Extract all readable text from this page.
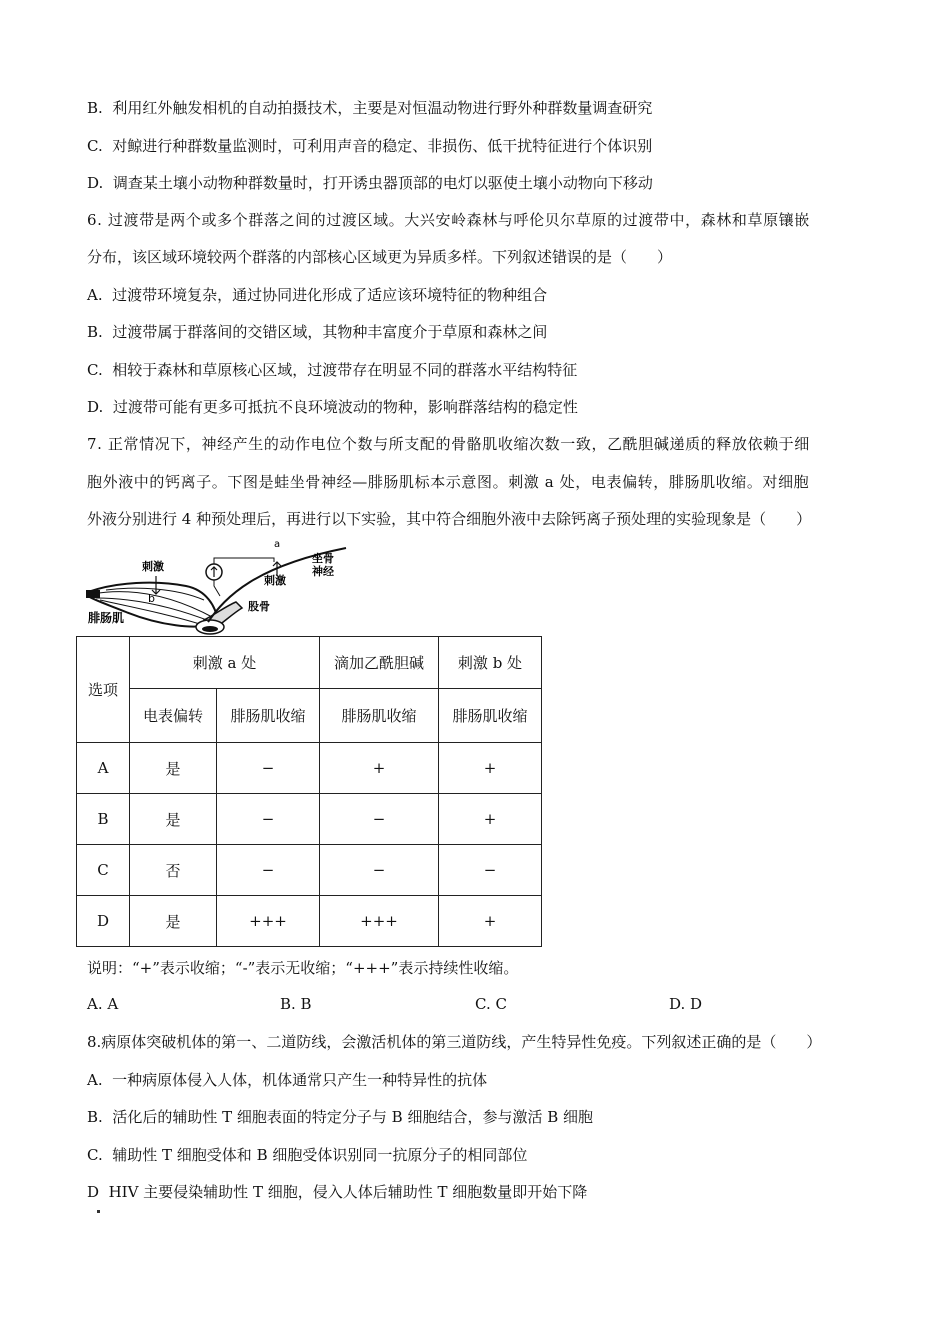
B. 利用红外触发相机的自动拍摄技术，主要是对恒温动物进行野外种群数量调查研究
C. 对鲸进行种群数量监测时，可利用声音的稳定、非损伤、低干扰特征进行个体识别
D. 调查某土壤小动物种群数量时，打开诱虫器顶部的电灯以驱使土壤小动物向下移动
6. 过渡带是两个或多个群落之间的过渡区域。大兴安岭森林与呼伦贝尔草原的过渡带中，森林和草原镶嵌
分布，该区域环境较两个群落的内部核心区域更为异质多样。下列叙述错误的是（　　）
A. 过渡带环境复杂，通过协同进化形成了适应该环境特征的物种组合
B. 过渡带属于群落间的交错区域，其物种丰富度介于草原和森林之间
C. 相较于森林和草原核心区域，过渡带存在明显不同的群落水平结构特征
D. 过渡带可能有更多可抵抗不良环境波动的物种，影响群落结构的稳定性
7. 正常情况下，神经产生的动作电位个数与所支配的骨骼肌收缩次数一致，乙酰胆碱递质的释放依赖于细
胞外液中的钙离子。下图是蛙坐骨神经—腓肠肌标本示意图。刺激 a 处，电表偏转，腓肠肌收缩。对细胞
外液分别进行 4 种预处理后，再进行以下实验，其中符合细胞外液中去除钙离子预处理的实验现象是（　　）
a
b
刺激
刺激
坐骨
神经
股骨
腓肠肌
选项	刺激 a 处		滴加乙酰胆碱	刺激 b 处
	电表偏转	腓肠肌收缩	腓肠肌收缩	腓肠肌收缩
A	是	−	+	+
B	是	−	−	+
C	否	−	−	−
D	是	+++	+++	+
说明：“+”表示收缩；“-”表示无收缩；“+++”表示持续性收缩。
A. A	B. B	C. C	D. D
8.病原体突破机体的第一、二道防线，会激活机体的第三道防线，产生特异性免疫。下列叙述正确的是（　　）
A. 一种病原体侵入人体，机体通常只产生一种特异性的抗体
B. 活化后的辅助性 T 细胞表面的特定分子与 B 细胞结合，参与激活 B 细胞
C. 辅助性 T 细胞受体和 B 细胞受体识别同一抗原分子的相同部位
D HIV 主要侵染辅助性 T 细胞，侵入人体后辅助性 T 细胞数量即开始下降
